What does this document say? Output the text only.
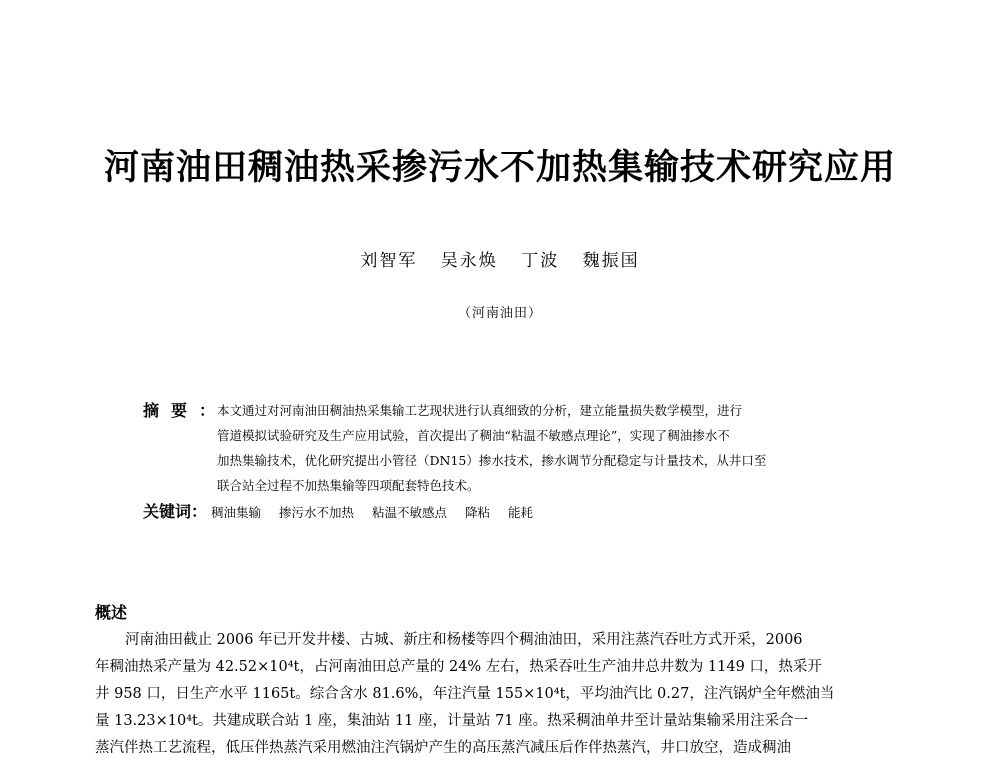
河南油田稠油热采掺污水不加热集输技术研究应用
刘智军 吴永焕 丁波 魏振国
（河南油田）
摘要： 本文通过对河南油田稠油热采集输工艺现状进行认真细致的分析，建立能量损失数学模型，进行
管道模拟试验研究及生产应用试验，首次提出了稠油“粘温不敏感点理论”，实现了稠油掺水不
加热集输技术，优化研究提出小管径（DN15）掺水技术，掺水调节分配稳定与计量技术，从井口至
联合站全过程不加热集输等四项配套特色技术。
关键词： 稠油集输 掺污水不加热 粘温不敏感点 降粘 能耗
概述
河南油田截止 2006 年已开发井楼、古城、新庄和杨楼等四个稠油油田，采用注蒸汽吞吐方式开采，2006
年稠油热采产量为 42.52×10⁴t，占河南油田总产量的 24% 左右，热采吞吐生产油井总井数为 1149 口，热采开
井 958 口，日生产水平 1165t。综合含水 81.6%，年注汽量 155×10⁴t，平均油汽比 0.27，注汽锅炉全年燃油当
量 13.23×10⁴t。共建成联合站 1 座，集油站 11 座，计量站 71 座。热采稠油单井至计量站集输采用注采合一
蒸汽伴热工艺流程，低压伴热蒸汽采用燃油注汽锅炉产生的高压蒸汽减压后作伴热蒸汽，井口放空，造成稠油
